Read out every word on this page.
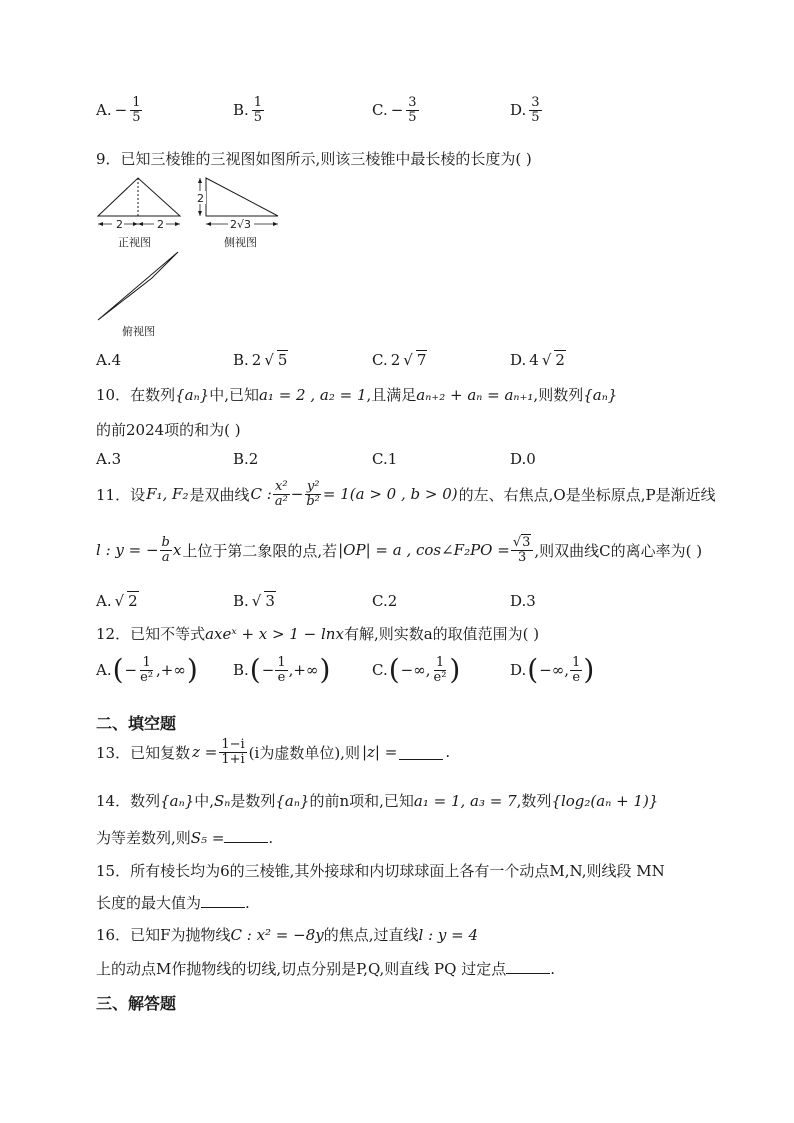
A. − $\frac{1}{5}$	B. $\frac{1}{5}$	C. − $\frac{3}{5}$	D. $\frac{3}{5}$
9．已知三棱锥的三视图如图所示,则该三棱锥中最长棱的长度为( )
2	2
2
2√3
正视图	侧视图
俯视图
A.4	B. 2 √ 5	C. 2 √ 7	D. 4 √ 2
10．在数列{aₙ}中,已知a₁ = 2 , a₂ = 1,且满足aₙ₊₂ + aₙ = aₙ₊₁,则数列{aₙ}
的前2024项的和为( )
A.3	B.2	C.1	D.0
11．设 F₁, F₂ 是双曲线 C : $\frac{\text{x²}}{\text{a²}} - \frac{\text{y²}}{\text{b²}} = 1(a > 0$ , b > 0) 的左、右焦点,O是坐标原点,P是渐近线
l : y = − $\frac{b}{a}$ x 上位于第二象限的点,若 |OP| = a , cos∠F₂PO = $\frac{√3}{3}$ ,则双曲线C的离心率为( )
A. √ 2	B. √ 3	C.2	D.3
12．已知不等式axeˣ + x > 1 − lnx有解,则实数a的取值范围为( )
A. ( − $\frac{1}{\text{e²}}$ ,+∞ ) B. ( − $\frac{1}{e}$ ,+∞ )	C. ( −∞, $\frac{1}{\text{e²}}$ )	D. ( −∞, $\frac{1}{e}$ )
二、填空题
13．已知复数 $z = \frac{1-i}{1+i} (i$为虚数单位),则 |z| =	.
14．数列{aₙ}中,Sₙ是数列{aₙ}的前n项和,已知a₁ = 1, a₃ = 7,数列{log₂(aₙ + 1)}
为等差数列,则S₅ =	.
15．所有棱长均为6的三棱锥,其外接球和内切球球面上各有一个动点M,N,则线段 MN
长度的最大值为	.
16．已知F为抛物线C : x² = −8y的焦点,过直线l : y = 4
上的动点M作抛物线的切线,切点分别是P,Q,则直线 PQ 过定点	.
三、解答题
